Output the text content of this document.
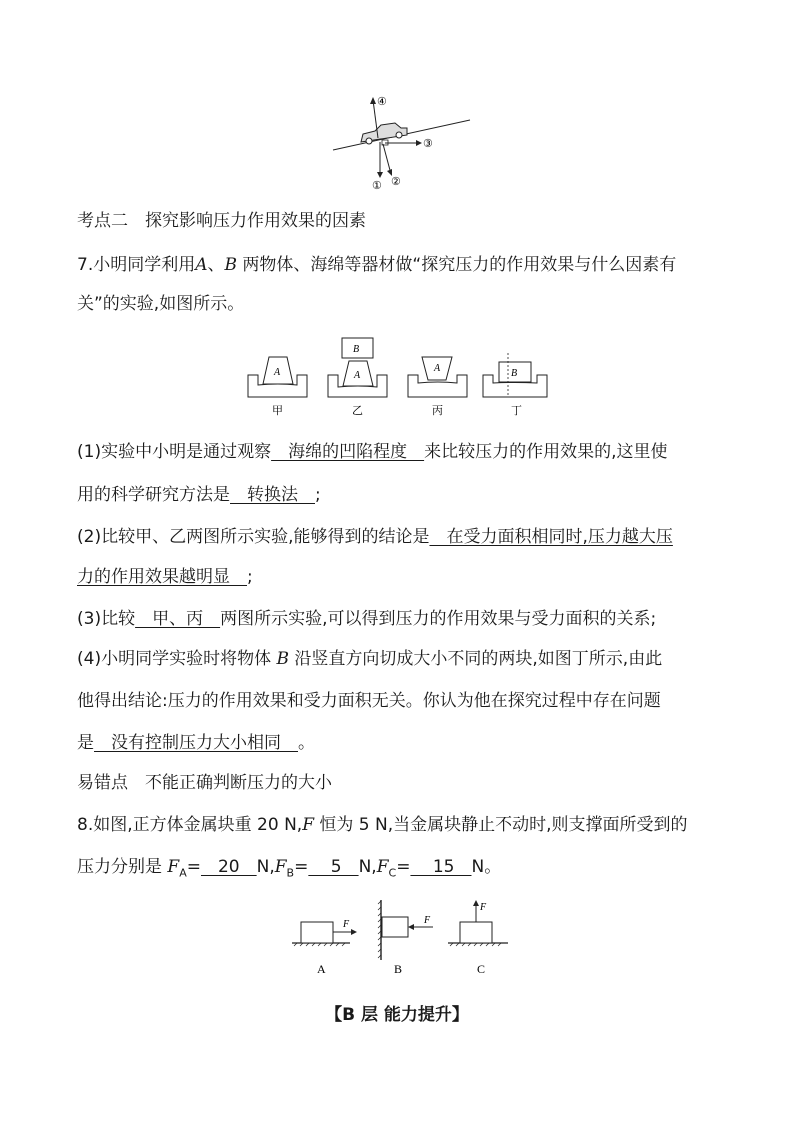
① ②
③
④
考点二　探究影响压力作用效果的因素
7.小明同学利用A、B 两物体、海绵等器材做“探究压力的作用效果与什么因素有
关”的实验,如图所示。
A
甲
B
A
乙
A
丙
B
丁
(1)实验中小明是通过观察　海绵的凹陷程度　来比较压力的作用效果的,这里使
用的科学研究方法是　转换法　;
(2)比较甲、乙两图所示实验,能够得到的结论是　在受力面积相同时,压力越大压
力的作用效果越明显　;
(3)比较　甲、丙　两图所示实验,可以得到压力的作用效果与受力面积的关系;
(4)小明同学实验时将物体 B 沿竖直方向切成大小不同的两块,如图丁所示,由此
他得出结论:压力的作用效果和受力面积无关。你认为他在探究过程中存在问题
是　没有控制压力大小相同　。
易错点　不能正确判断压力的大小
8.如图,正方体金属块重 20 N,F 恒为 5 N,当金属块静止不动时,则支撑面所受到的
压力分别是 $F_A=$　20　$N,F_B=$　 5　$N,F_C=$　 15　N。
F
A
F
B
F
C
【B 层 能力提升】
